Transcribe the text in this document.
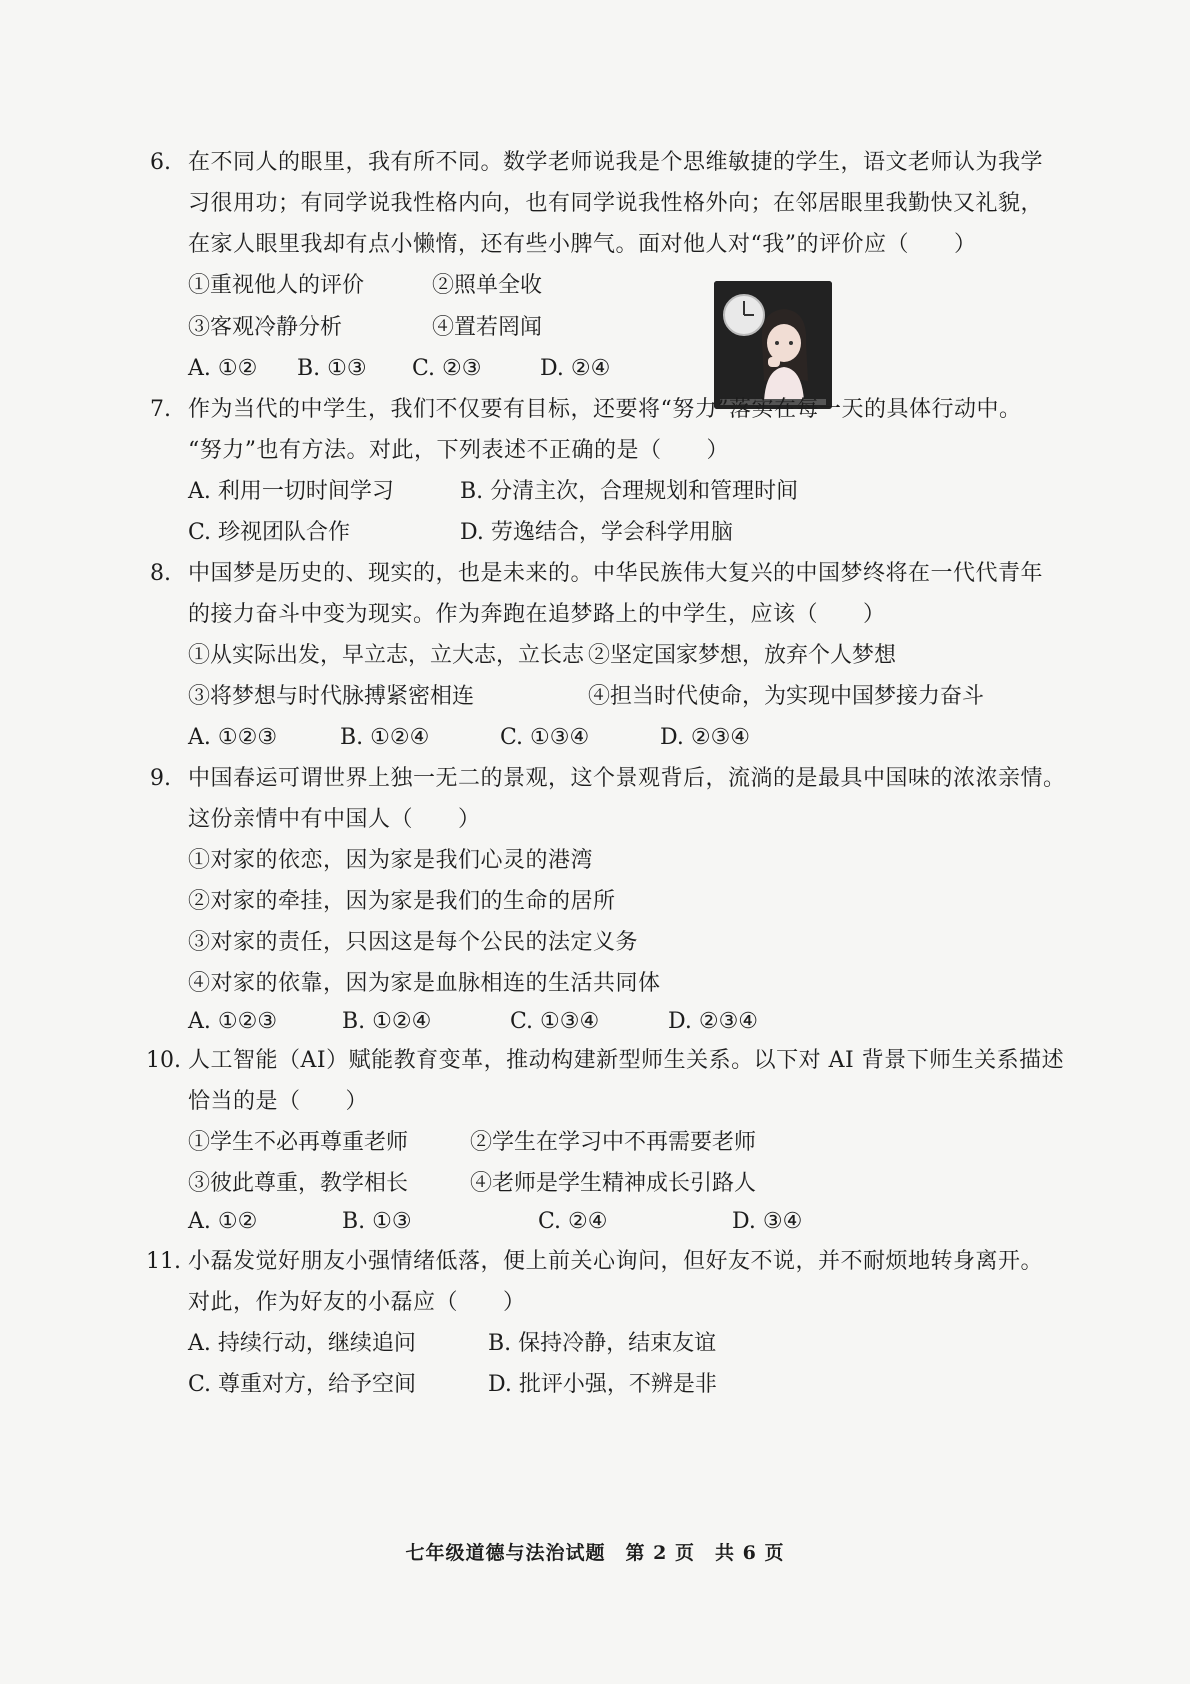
6. 在不同人的眼里，我有所不同。数学老师说我是个思维敏捷的学生，语文老师认为我学
习很用功；有同学说我性格内向，也有同学说我性格外向；在邻居眼里我勤快又礼貌，
在家人眼里我却有点小懒惰，还有些小脾气。面对他人对“我”的评价应（　　）
①重视他人的评价	②照单全收
③客观冷静分析	④置若罔闻
A. ①② B. ①③ C. ②③	D. ②④
7. 作为当代的中学生，我们不仅要有目标，还要将“努力”落实在每一天的具体行动中。
“努力”也有方法。对此，下列表述不正确的是（　　）
A. 利用一切时间学习	B. 分清主次，合理规划和管理时间
C. 珍视团队合作	D. 劳逸结合，学会科学用脑
8. 中国梦是历史的、现实的，也是未来的。中华民族伟大复兴的中国梦终将在一代代青年
的接力奋斗中变为现实。作为奔跑在追梦路上的中学生，应该（　　）
①从实际出发，早立志，立大志，立长志 ②坚定国家梦想，放弃个人梦想
③将梦想与时代脉搏紧密相连	④担当时代使命，为实现中国梦接力奋斗
A. ①②③	B. ①②④	C. ①③④	D. ②③④
9. 中国春运可谓世界上独一无二的景观，这个景观背后，流淌的是最具中国味的浓浓亲情。
这份亲情中有中国人（　　）
①对家的依恋，因为家是我们心灵的港湾
②对家的牵挂，因为家是我们的生命的居所
③对家的责任，只因这是每个公民的法定义务
④对家的依靠，因为家是血脉相连的生活共同体
A. ①②③	B. ①②④	C. ①③④	D. ②③④
10. 人工智能（AI）赋能教育变革，推动构建新型师生关系。以下对 AI 背景下师生关系描述
恰当的是（　　）
①学生不必再尊重老师	②学生在学习中不再需要老师
③彼此尊重，教学相长	④老师是学生精神成长引路人
A. ①②	B. ①③	C. ②④	D. ③④
11. 小磊发觉好朋友小强情绪低落，便上前关心询问，但好友不说，并不耐烦地转身离开。
对此，作为好友的小磊应（　　）
A. 持续行动，继续追问	B. 保持冷静，结束友谊
C. 尊重对方，给予空间	D. 批评小强，不辨是非
七年级道德与法治试题　第 2 页　共 6 页
